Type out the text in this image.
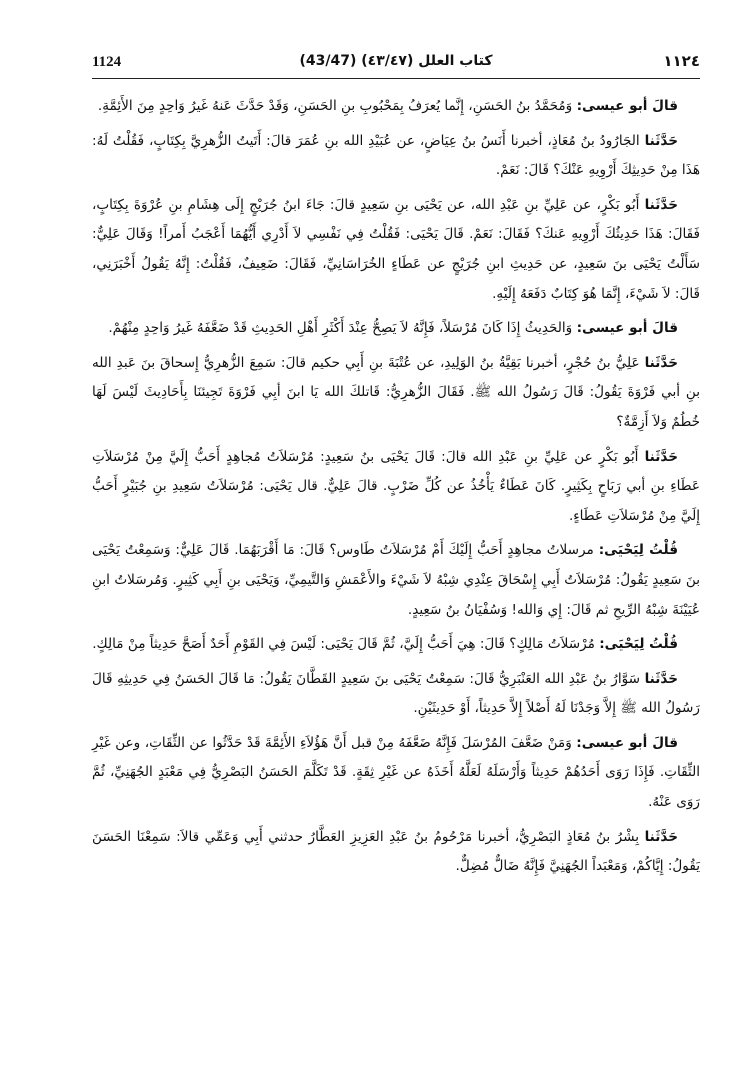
1124	(43/47) كتاب العلل (٤٣/٤٧)	١١٢٤

قالَ أبو عيسى: وَمُحَمَّدُ بنُ الحَسَنِ، إِنَّما يُعرَفُ بِمَحْبُوبِ بنِ الحَسَنِ، وَقَدْ حَدَّثَ عَنهُ غَيرُ وَاحِدٍ مِنَ الأَئِمَّةِ.

حَدَّثَنا الجَارُودُ بنُ مُعَاذٍ، أخبرنا أَنَسُ بنُ عِيَاضٍ، عن عُبَيْدِ الله بنِ عُمَرَ قالَ: أَتَيتُ الزُّهرِيَّ بِكِتَابٍ، فَقُلْتُ لَهُ: هَذَا مِنْ حَدِيثِكَ أَرْوِيهِ عَنْكَ؟ قَالَ: نَعَمْ.

حَدَّثَنا أَبُو بَكْرٍ، عن عَلِيِّ بنِ عَبْدِ الله، عن يَحْيَى بنِ سَعِيدٍ قالَ: جَاءَ ابنُ جُرَيْجٍ إِلَى هِشَامِ بنِ عُرْوَةَ بِكِتَابٍ، فَقَالَ: هَذَا حَدِيثُكَ أَرْوِيهِ عَنكَ؟ فَقَالَ: نَعَمْ. قَالَ يَحْيَى: فَقُلْتُ فِي نَفْسِي لاَ أَدْرِي أَيُّهُمَا أَعْجَبُ أَمراً! وَقَالَ عَلِيٌّ: سَأَلْتُ يَحْيَى بنَ سَعِيدٍ، عن حَدِيثِ ابنِ جُرَيْجٍ عن عَطَاءٍ الخُرَاسَانِيِّ، فَقَالَ: ضَعِيفٌ، فَقُلْتُ: إِنَّهُ يَقُولُ أَخْبَرَنِي، قَالَ: لاَ شَيْءَ، إِنَّمَا هُوَ كِتَابٌ دَفَعَهُ إِلَيْهِ.

قالَ أبو عيسى: وَالحَدِيثُ إِذَا كَانَ مُرْسَلاً، فَإِنَّهُ لاَ يَصِحُّ عِنْدَ أَكْثَرِ أَهْلِ الحَدِيثِ قَدْ ضَعَّفَهُ غَيرُ وَاحِدٍ مِنْهُمْ.

حَدَّثَنا عَلِيُّ بنُ حُجْرٍ، أخبرنا بَقِيَّةُ بنُ الوَلِيدِ، عن عُتْبَةَ بنِ أَبِي حكيم قالَ: سَمِعَ الزُّهرِيُّ إِسحاقَ بنَ عَبدِ الله بنِ أبي فَرْوَةَ يَقُولُ: قَالَ رَسُولُ الله ﷺ. فَقَالَ الزُّهرِيُّ: قَاتلكَ الله يَا ابنَ أبِي فَرْوَةَ تَجِيئنَا بِأَحَادِيثَ لَيْسَ لَهَا خُطُمٌ وَلاَ أَزِمَّةٌ؟

حَدَّثَنا أَبُو بَكْرٍ عن عَلِيِّ بنِ عَبْدِ الله قالَ: قَالَ يَحْيَى بنُ سَعِيدٍ: مُرْسَلاَتُ مُجاهِدٍ أَحَبُّ إِلَيَّ مِنْ مُرْسَلاَتِ عَطَاءِ بنِ أبي رَبَاحٍ بِكَثِيرٍ. كَانَ عَطَاءٌ يَأْخُذُ عن كُلِّ ضَرْبٍ. قالَ عَلِيٌّ. قال يَحْيَى: مُرْسَلاَتُ سَعِيدِ بنِ جُبَيْرٍ أَحَبُّ إِلَيَّ مِنْ مُرْسَلاَتِ عَطَاءٍ.

قُلْتُ لِيَحْيَى: مرسلاتُ مجاهِدٍ أَحَبُّ إِلَيْكَ أَمْ مُرْسَلاَتُ طَاوس؟ قَالَ: مَا أَقْرَبَهُمَا. قَالَ عَلِيٌّ: وَسَمِعْتُ يَحْيَى بنَ سَعِيدٍ يَقُولُ: مُرْسَلاَتُ أَبِي إِسْحَاقَ عِنْدِي شِبْهُ لاَ شَيْءَ والأَعْمَشِ وَالتَّيمِيِّ، وَيَحْيَى بنِ أَبِي كَثِيرٍ. وَمُرسَلاتُ ابنِ عُيَيْنَةَ شِبْهُ الرِّيحِ ثم قَالَ: إِي وَالله! وَسُفْيَانُ بنُ سَعِيدٍ.

قُلْتُ لِيَحْيَى: مُرْسَلاَتُ مَالِكٍ؟ قَالَ: هِيَ أَحَبُّ إِلَيَّ، ثُمَّ قَالَ يَحْيَى: لَيْسَ فِي القَوْمِ أَحَدٌ أَصَحَّ حَدِيثاً مِنْ مَالِكٍ.

حَدَّثَنا سَوَّارُ بنُ عَبْدِ الله العَنْبَرِيُّ قَالَ: سَمِعْتُ يَحْيَى بنَ سَعِيدٍ القَطَّانَ يَقُولُ: مَا قَالَ الحَسَنُ فِي حَدِيثِهِ قَالَ رَسُولُ الله ﷺ إِلاَّ وَجَدْنَا لَهُ أَصْلاً إِلاَّ حَدِيثاً، أَوْ حَدِيثَيْنِ.

قالَ أبو عيسى: وَمَنْ ضَعَّفَ المُرْسَلَ فَإِنَّهُ ضَعَّفَهُ مِنْ قبل أَنَّ هَؤُلاَءِ الأَئِمَّةَ قَدْ حَدَّثُوا عن الثِّقَاتِ، وعن غَيْرِ الثِّقَاتِ. فَإِذَا رَوَى أَحَدُهُمْ حَدِيثاً وَأَرْسَلَهُ لَعَلَّهُ أَخَذَهُ عن غَيْرِ ثِقَةٍ. قَدْ تَكَلَّمَ الحَسَنُ البَصْرِيُّ فِي مَعْبَدٍ الجُهَنِيِّ، ثُمَّ رَوَى عَنْهُ.

حَدَّثَنا بِشْرُ بنُ مُعَاذٍ البَصْرِيُّ، أخبرنا مَرْحُومُ بنُ عَبْدِ العَزِيزِ العَطَّارُ حدثني أَبِي وَعَمِّي قالاَ: سَمِعْنَا الحَسَنَ يَقُولُ: إِيَّاكُمْ، وَمَعْبَداً الجُهَنِيَّ فَإِنَّهُ ضَالٌّ مُضِلٌّ.
